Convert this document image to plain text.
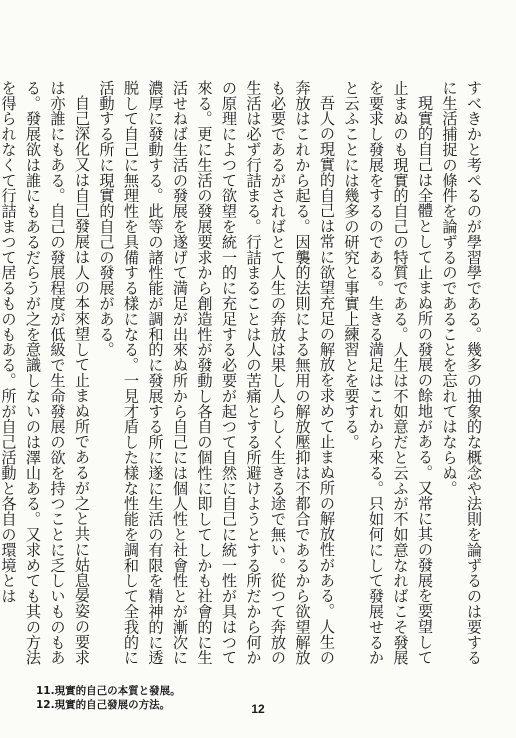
すべきかと考ぺるのが學習學である。幾多の抽象的な概念や法則を論ずるのは要するに生活捕捉の條件を論ずるのであることを忘れてはならぬ。

現實的自己は全體として止まぬ所の發展の餘地がある。又常に其の發展を要望して止まぬのも現實的自己の特質である。人生は不如意だと云ふが不如意なればこそ發展を要求し發展をするのである。生きる満足はこれから來る。只如何にして發展せるかと云ふことには幾多の研究と事實上練習とを要する。

吾人の現實的自己は常に欲望充足の解放を求めて止まぬ所の解放性がある。人生の奔放はこれから起る。因襲的法則による無用の解放壓抑は不都合であるから欲望解放も必要であるがさればとて人生の奔放は果し人らしく生きる途で無い。從つて奔放の生活は必ず行詰まる。行詰まることは人の苦痛とする所避けようとする所だから何かの原理によつて欲望を統一的に充足する必要が起つて自然に自己に統一性が具はつて來る。更に生活の發展要求から創造性が發動し各自の個性に即してしかも社會的に生活せねば生活の發展を遂げて満足が出來ぬ所から自己には個人性と社會性とが漸次に濃厚に發動する。此等の諸性能が調和的に發展する所に遂に生活の有限を精神的に透脱して自己に無理性を具備する樣になる。一見才盾した樣な性能を調和して全我的に活動する所に現實的自己の發展がある。

自己深化又は自己發展は人の本來望して止まぬ所であるが之と共に姑息晏姿の要求は亦誰にもある。自己の發展程度が低級で生命發展の欲を持つことに乏しいものもある。發展欲は誰にもあるだらうが之を意識しないのは澤山ある。又求めても其の方法を得られなくて行詰まつて居るものもある。所が自己活動と各自の環境とは

11.現實的自己の本質と發展。
12.現實的自己發展の方法。	12
